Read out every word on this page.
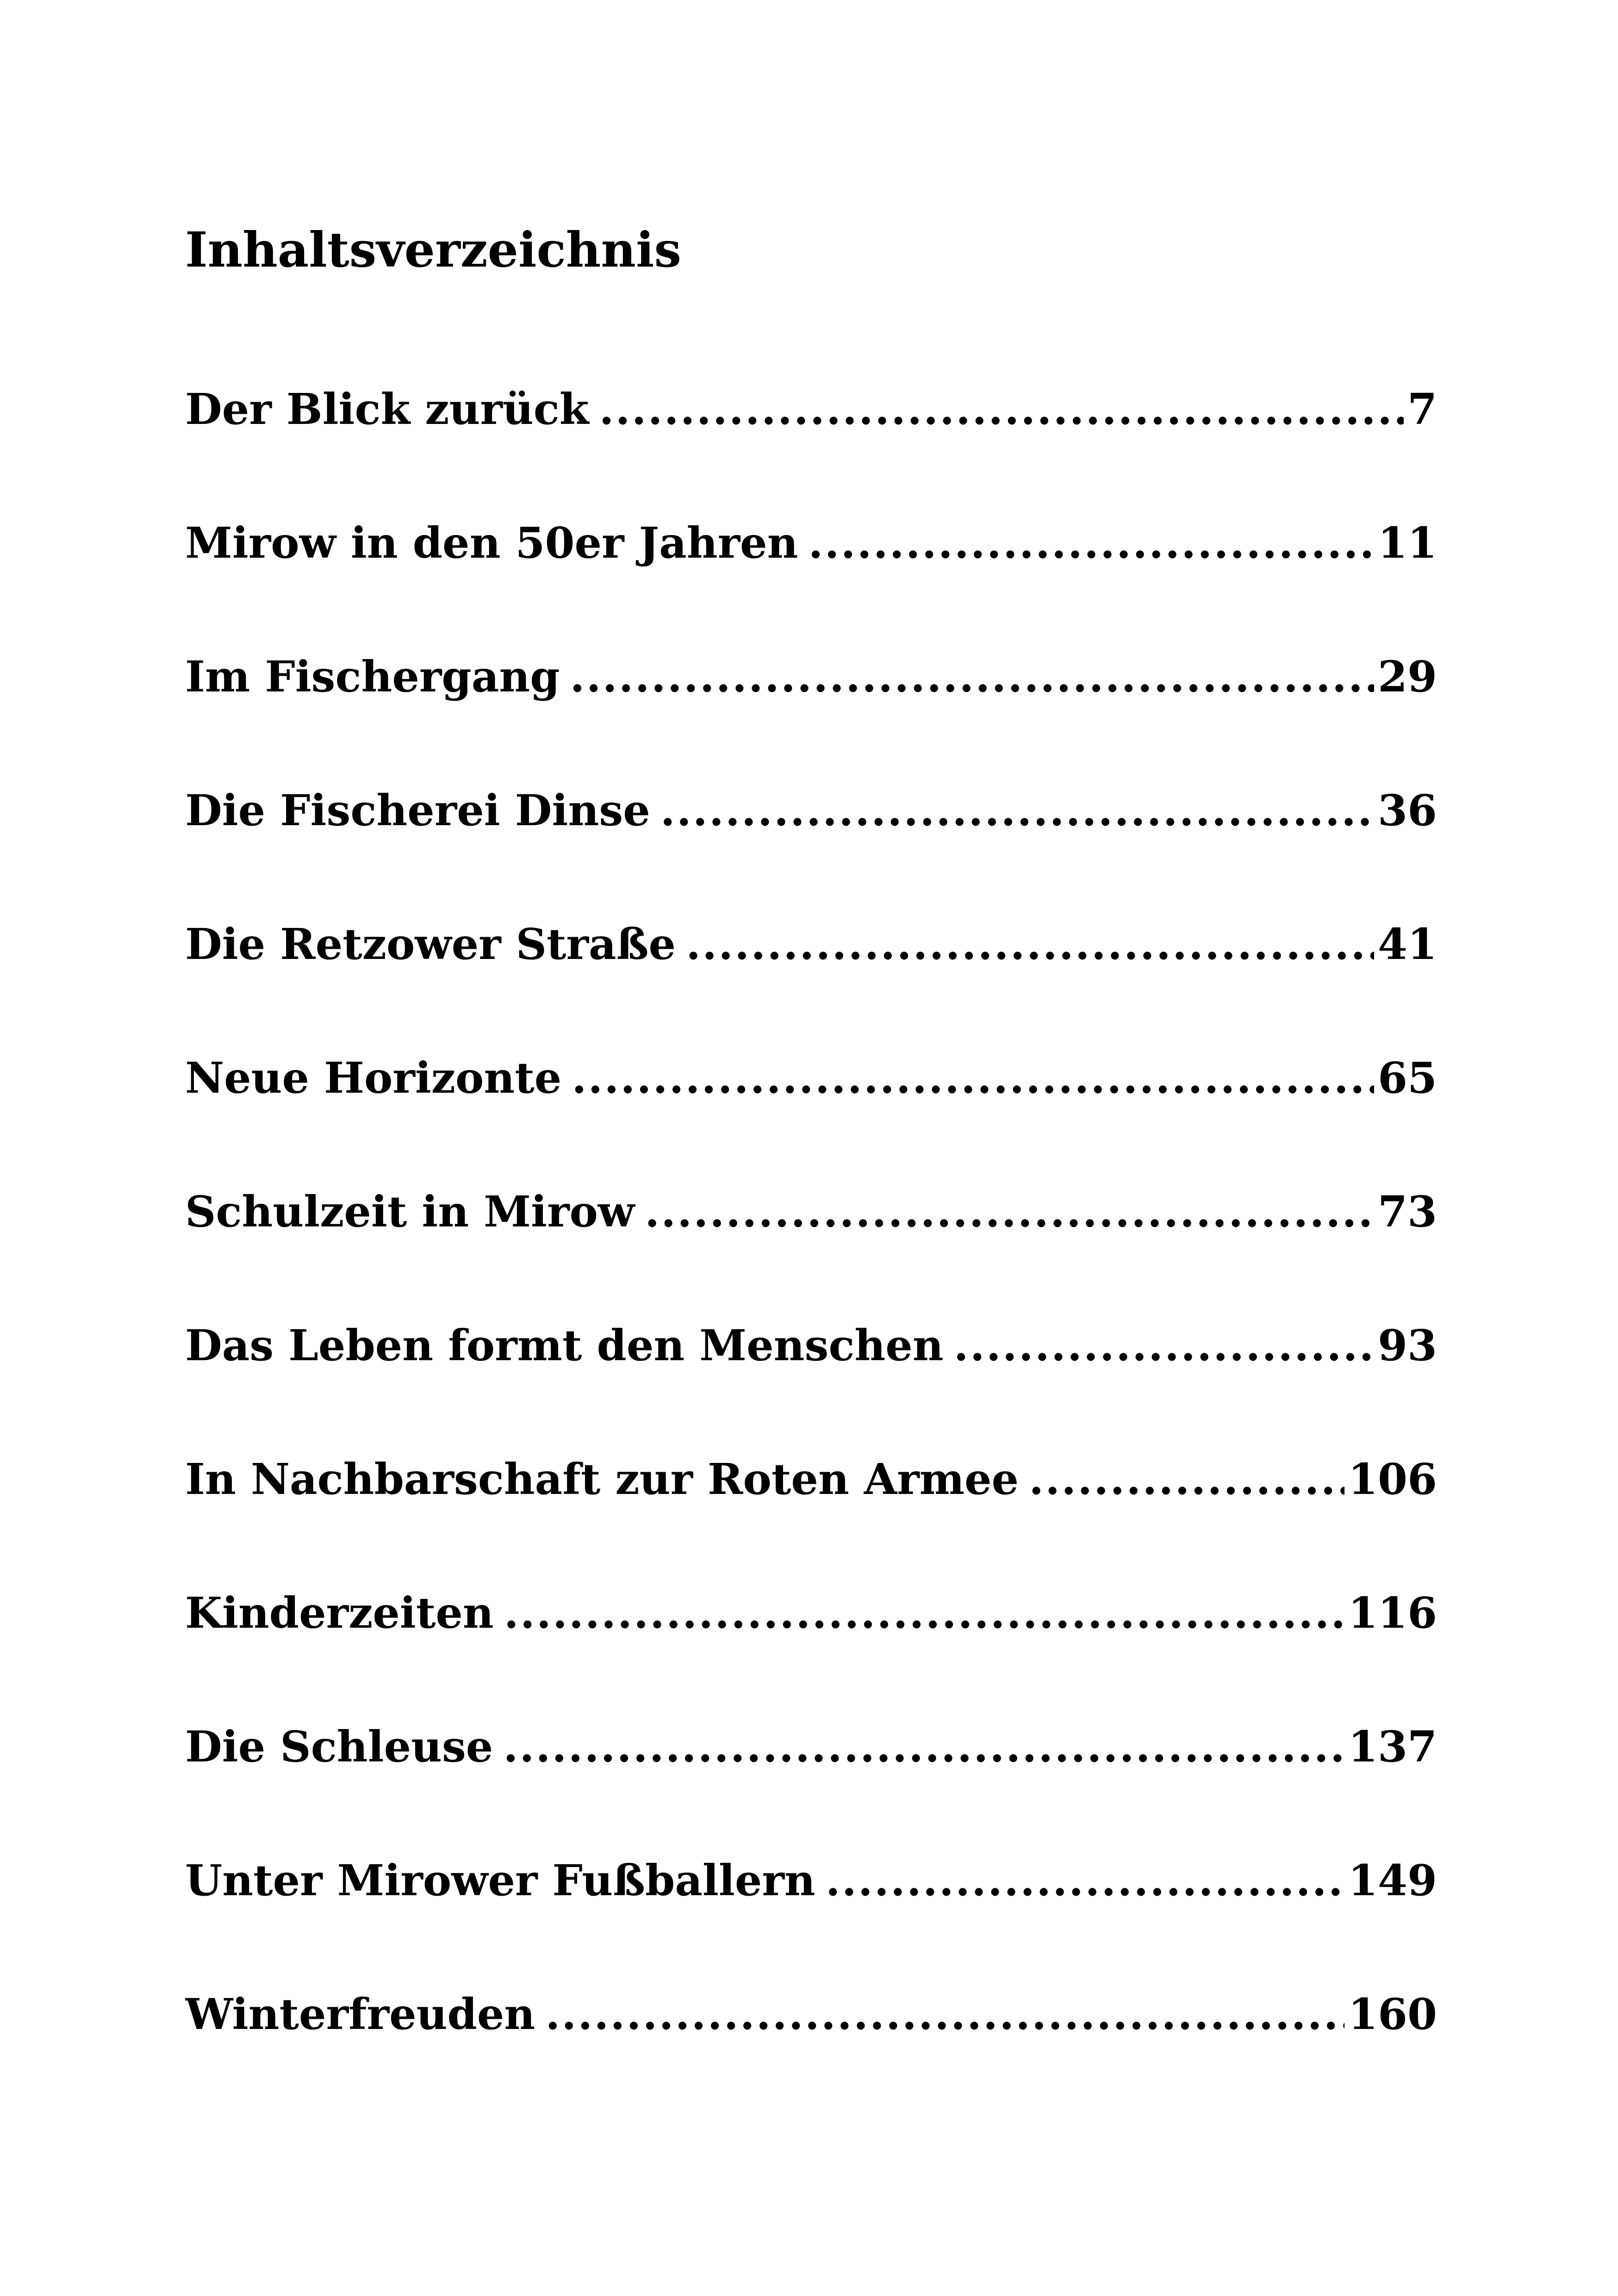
Inhaltsverzeichnis
Der Blick zurück .....	7
Mirow in den 50er Jahren .....	11
Im Fischergang .....	29
Die Fischerei Dinse .....	36
Die Retzower Straße .....	41
Neue Horizonte .....	65
Schulzeit in Mirow .....	73
Das Leben formt den Menschen .....	93
In Nachbarschaft zur Roten Armee .....	106
Kinderzeiten .....	116
Die Schleuse .....	137
Unter Mirower Fußballern .....	149
Winterfreuden .....	160
